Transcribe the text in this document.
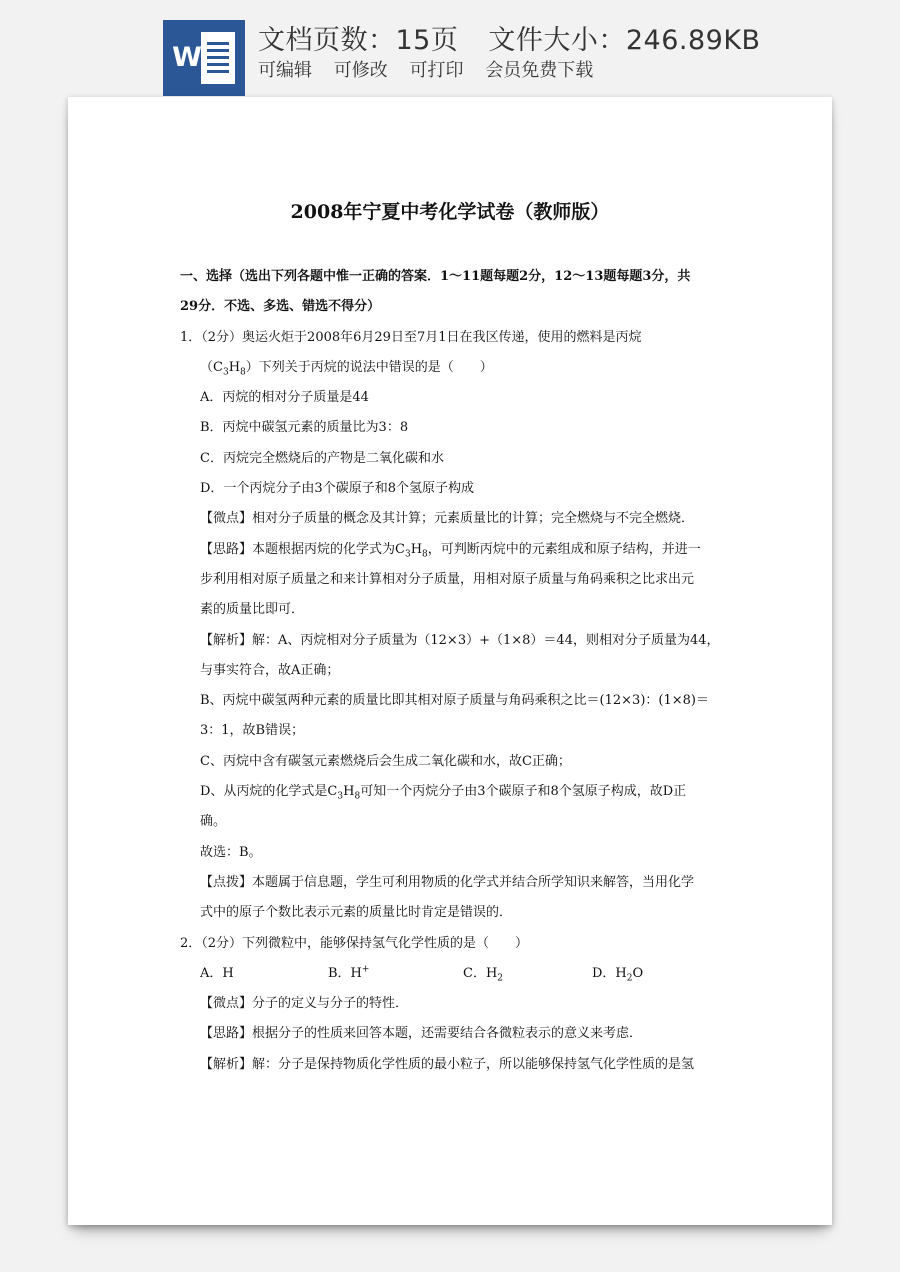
W
文档页数：15页 文件大小：246.89KB
可编辑 可修改 可打印 会员免费下载
2008年宁夏中考化学试卷（教师版）
一、选择（选出下列各题中惟一正确的答案．1～11题每题2分，12～13题每题3分，共
29分．不选、多选、错选不得分）
1．（2分）奥运火炬于2008年6月29日至7月1日在我区传递，使用的燃料是丙烷
$(C_3H_8)$下列关于丙烷的说法中错误的是（　　）
A．丙烷的相对分子质量是44
B．丙烷中碳氢元素的质量比为3：8
C．丙烷完全燃烧后的产物是二氧化碳和水
D．一个丙烷分子由3个碳原子和8个氢原子构成
【微点】相对分子质量的概念及其计算；元素质量比的计算；完全燃烧与不完全燃烧．
【思路】本题根据丙烷的化学式为$C_3H_8$，可判断丙烷中的元素组成和原子结构，并进一
步利用相对原子质量之和来计算相对分子质量，用相对原子质量与角码乘积之比求出元
素的质量比即可．
【解析】解：A、丙烷相对分子质量为（12×3）+（1×8）＝44，则相对分子质量为44，
与事实符合，故A正确；
B、丙烷中碳氢两种元素的质量比即其相对原子质量与角码乘积之比＝(12×3)：(1×8)＝
3：1，故B错误；
C、丙烷中含有碳氢元素燃烧后会生成二氧化碳和水，故C正确；
D、从丙烷的化学式是$C_3H_8$可知一个丙烷分子由3个碳原子和8个氢原子构成，故D正
确。
故选：B。
【点拨】本题属于信息题，学生可利用物质的化学式并结合所学知识来解答，当用化学
式中的原子个数比表示元素的质量比时肯定是错误的．
2．（2分）下列微粒中，能够保持氢气化学性质的是（　　）
A．H	B．H+	C．$H_2$	D．$H_2O$
【微点】分子的定义与分子的特性．
【思路】根据分子的性质来回答本题，还需要结合各微粒表示的意义来考虑．
【解析】解：分子是保持物质化学性质的最小粒子，所以能够保持氢气化学性质的是氢
